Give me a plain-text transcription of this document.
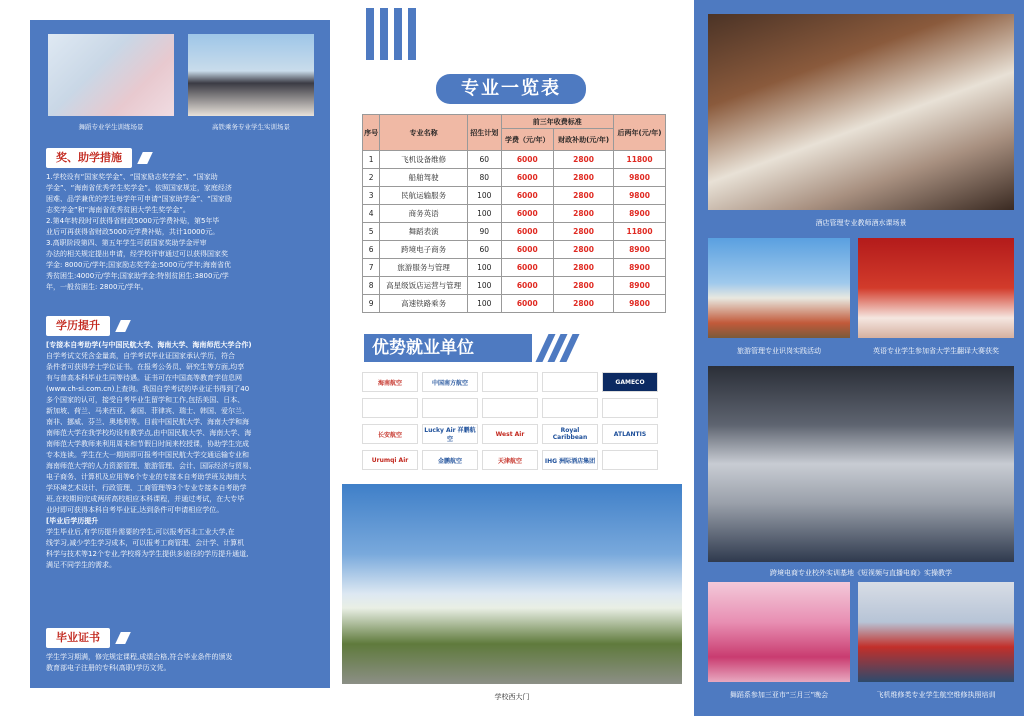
舞蹈专业学生训练场景	高铁乘务专业学生实训场景
奖、助学措施
1.学校设有“国家奖学金”、“国家励志奖学金”、“国家助
学金”、“海南省优秀学生奖学金”。依照国家规定，家庭经济
困难、品学兼优的学生每学年可申请“国家助学金”、“国家励
志奖学金”和“海南省优秀贫困大学生奖学金”。
2.第4年转段时可获得省财政5000元学费补贴，第5年毕
业后可再获得省财政5000元学费补贴，共计10000元。
3.高职阶段第四、第五年学生可获国家奖助学金评审
办法的相关规定提出申请，经学校评审通过可以获得国家奖
学金: 8000元/学年;国家励志奖学金:5000元/学年;海南省优
秀贫困生:4000元/学年;国家助学金:特别贫困生:3800元/学
年，一般贫困生: 2800元/学年。
学历提升
[专接本自考助学(与中国民航大学、海南大学、海南师范大学合作)
自学考试文凭含金量高，自学考试毕业证国家承认学历，符合
条件者可获得学士学位证书。在报考公务员、研究生等方面,均享
有与普高本科毕业生同等待遇。证书可在中国高等教育学信息网
(www.ch-si.com.cn)上查询。我国自学考试的毕业证书得到了40
多个国家的认可，接受自考毕业生留学和工作,包括美国、日本、
新加坡、荷兰、马来西亚、泰国、菲律宾、瑞士、韩国、爱尔兰、
南非、挪威、芬兰、奥地利等。目前中国民航大学、海南大学和海
南师范大学在我学校均设有教学点,由中国民航大学、海南大学、海
南师范大学教师来利用周末和节假日时间来校授课，协助学生完成
专本连读。学生在大一期间即可报考中国民航大学交通运输专业和
海南师范大学的人力资源管理、旅游管理、会计、国际经济与贸易、
电子商务、计算机及应用等6个专业的专接本自考助学班及海南大
学环境艺术设计、行政管理、工商管理等3个专业专接本自考助学
班,在校期间完成两所高校相应本科课程，并通过考试，在大专毕
业时即可获得本科自考毕业证,达到条件可申请相应学位。
[毕业后学历提升
学生毕业后,有学历提升需要的学生,可以报考西北工业大学,在
线学习,减少学生学习成本，可以报考工商管理、会计学、计算机
科学与技术等12个专业,学校将为学生提供多途径的学历提升通道,
满足不同学生的需求。
毕业证书
学生学习期满，修完规定课程,成绩合格,符合毕业条件的颁发
教育部电子注册的专科(高职)学历文凭。
专业一览表
序号	专业名称	招生计划	前三年收费标准		后两年(元/年)
			学费（元/年）	财政补助(元/年)	
1	飞机设备维修	60	6000	2800	11800
2	船舶驾驶	80	6000	2800	9800
3	民航运输服务	100	6000	2800	9800
4	商务英语	100	6000	2800	8900
5	舞蹈表演	90	6000	2800	11800
6	跨境电子商务	60	6000	2800	8900
7	旅游服务与管理	100	6000	2800	8900
8	高星级饭店运营与管理	100	6000	2800	8900
9	高速铁路乘务	100	6000	2800	9800
优势就业单位
海南航空	中国南方航空	GAMECO
长安航空
Lucky Air 祥鹏航空
West Air	Royal Caribbean	ATLANTIS
Urumqi Air	金鹏航空	天津航空	IHG 洲际酒店集团
学校西大门
酒店管理专业教师酒水课场景
旅游管理专业识岗实践活动	英语专业学生参加省大学生翻译大赛获奖
跨境电商专业校外实训基地《短视频与直播电商》实操教学
舞蹈系参加三亚市“三月三”晚会	飞机维修类专业学生航空维修执照培训
